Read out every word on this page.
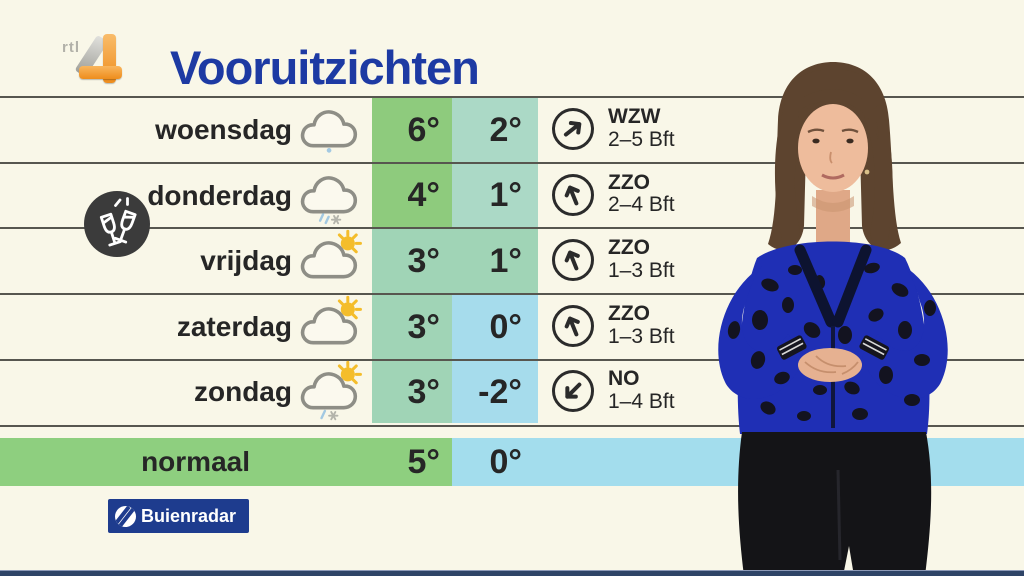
rtl Vooruitzichten
woensdag	6° 2°	WZW
2–5 Bft
donderdag	4° 1°	ZZO
2–4 Bft
vrijdag	3° 1°	ZZO
1–3 Bft
zaterdag	3° 0°	ZZO
1–3 Bft
zondag	3° -2°	NO
1–4 Bft
normaal	5°	0°
Buienradar
